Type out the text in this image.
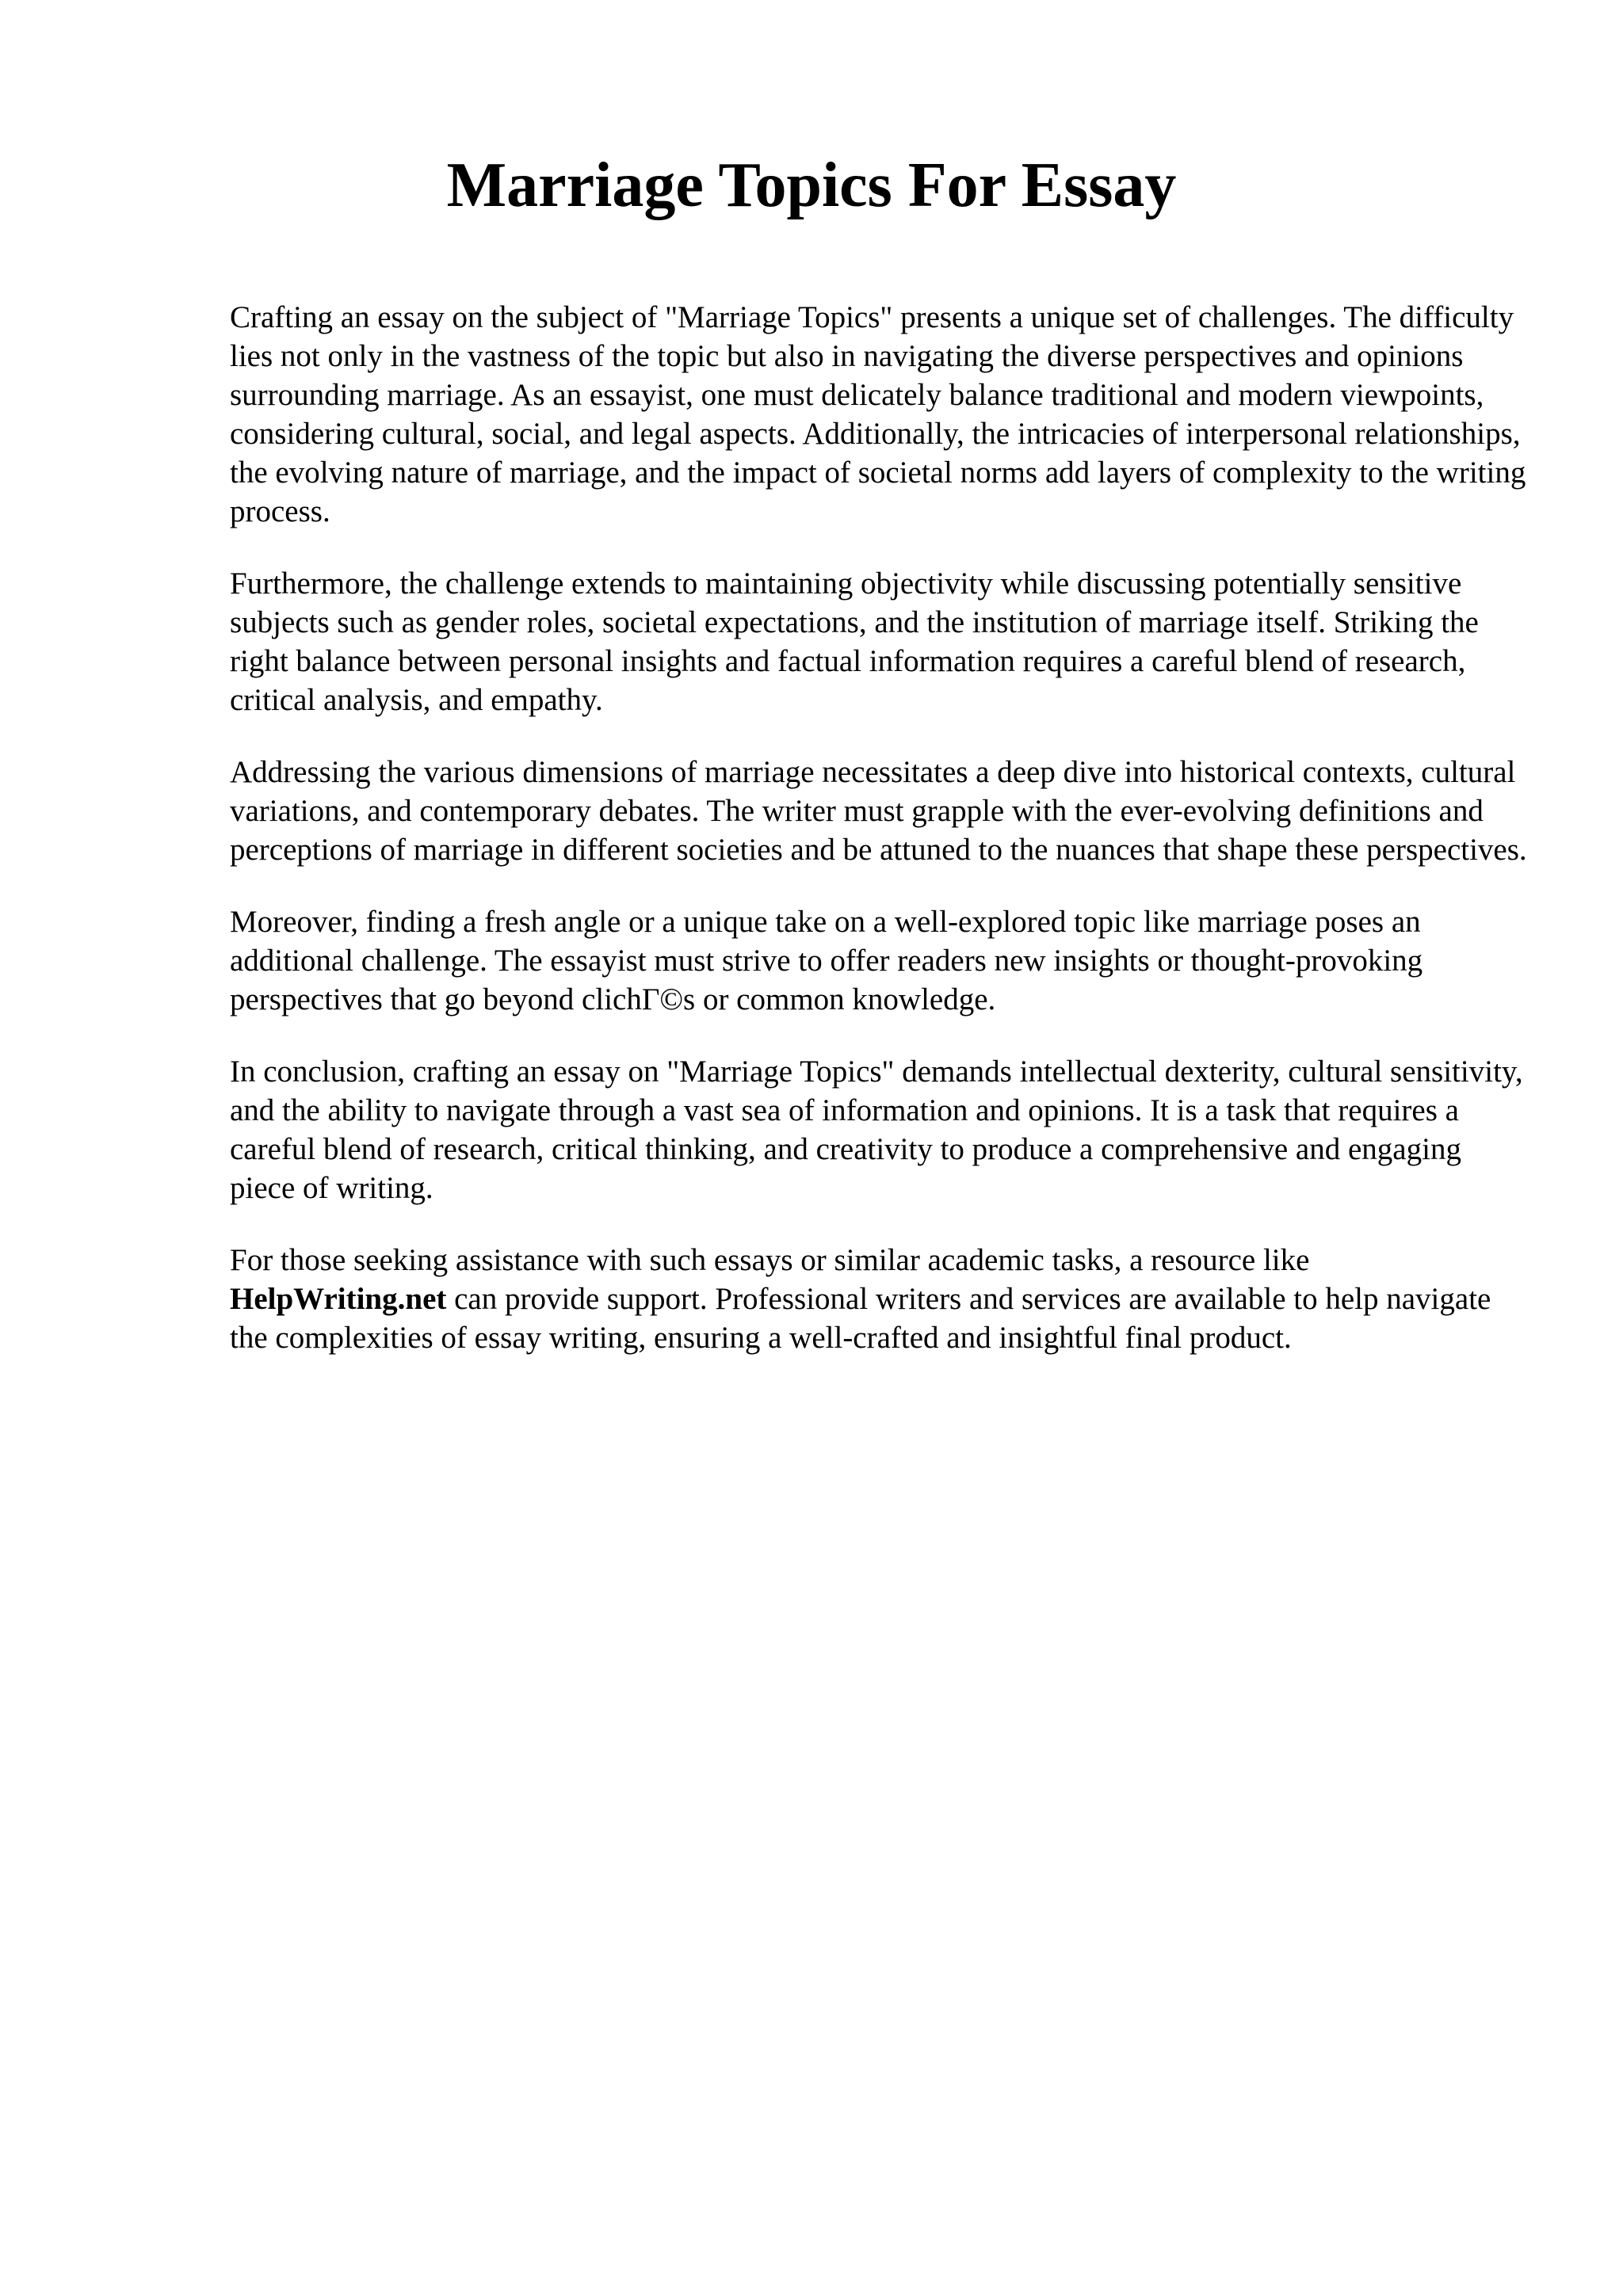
Marriage Topics For Essay

Crafting an essay on the subject of "Marriage Topics" presents a unique set of challenges. The difficulty lies not only in the vastness of the topic but also in navigating the diverse perspectives and opinions surrounding marriage. As an essayist, one must delicately balance traditional and modern viewpoints, considering cultural, social, and legal aspects. Additionally, the intricacies of interpersonal relationships, the evolving nature of marriage, and the impact of societal norms add layers of complexity to the writing process.

Furthermore, the challenge extends to maintaining objectivity while discussing potentially sensitive subjects such as gender roles, societal expectations, and the institution of marriage itself. Striking the right balance between personal insights and factual information requires a careful blend of research, critical analysis, and empathy.

Addressing the various dimensions of marriage necessitates a deep dive into historical contexts, cultural variations, and contemporary debates. The writer must grapple with the ever-evolving definitions and perceptions of marriage in different societies and be attuned to the nuances that shape these perspectives.

Moreover, finding a fresh angle or a unique take on a well-explored topic like marriage poses an additional challenge. The essayist must strive to offer readers new insights or thought-provoking perspectives that go beyond clichΓ©s or common knowledge.

In conclusion, crafting an essay on "Marriage Topics" demands intellectual dexterity, cultural sensitivity, and the ability to navigate through a vast sea of information and opinions. It is a task that requires a careful blend of research, critical thinking, and creativity to produce a comprehensive and engaging piece of writing.

For those seeking assistance with such essays or similar academic tasks, a resource like HelpWriting.net can provide support. Professional writers and services are available to help navigate the complexities of essay writing, ensuring a well-crafted and insightful final product.
